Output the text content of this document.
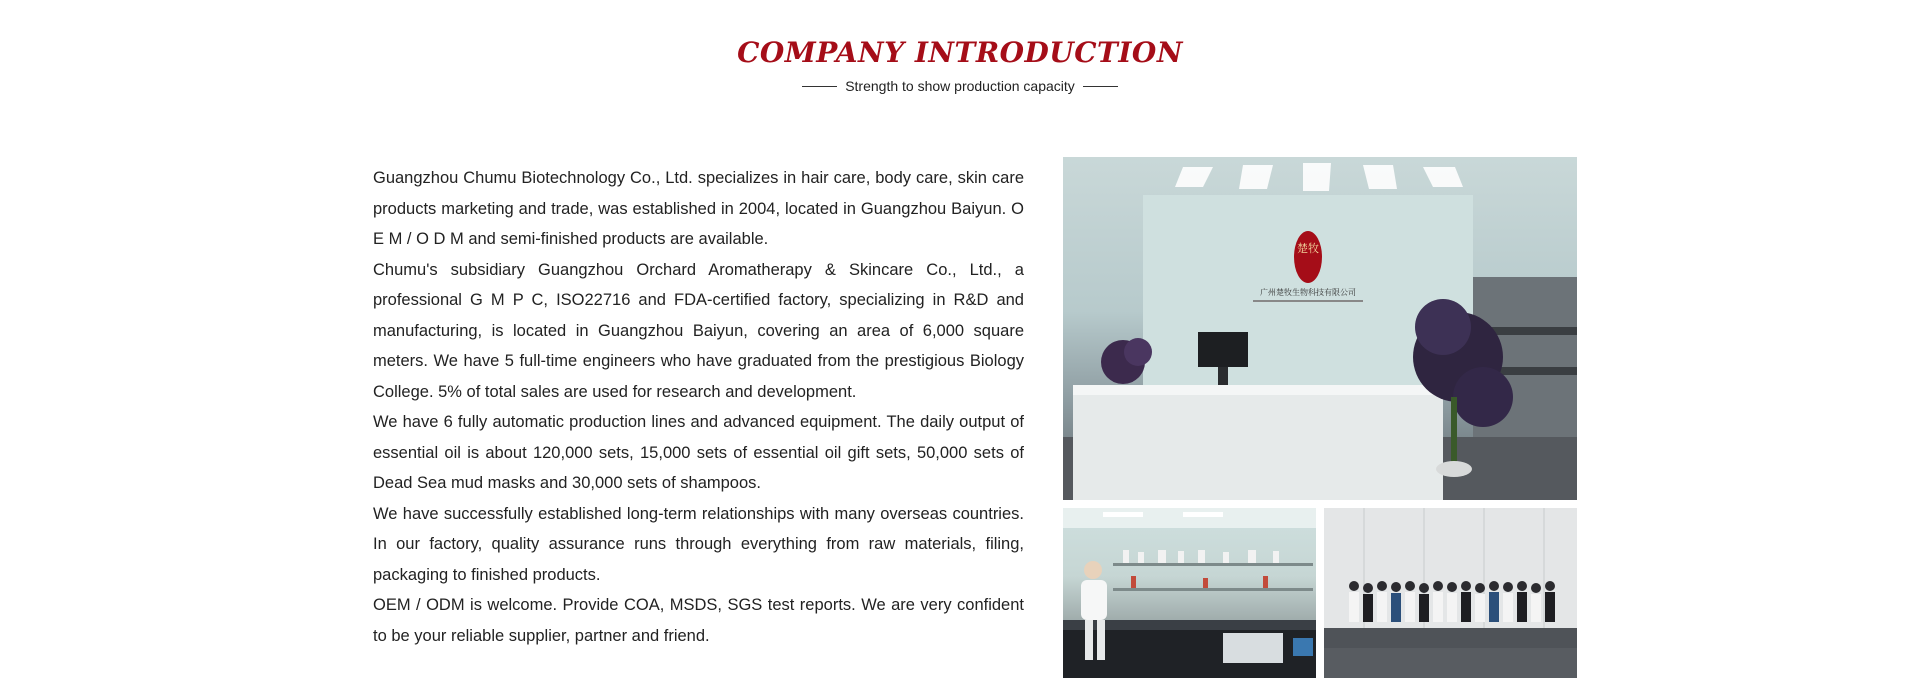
COMPANY INTRODUCTION
Strength to show production capacity

Guangzhou Chumu Biotechnology Co., Ltd. specializes in hair care, body care, skin care products marketing and trade, was established in 2004, located in Guangzhou Baiyun. O E M / O D M and semi-finished products are available.

Chumu's subsidiary Guangzhou Orchard Aromatherapy & Skincare Co., Ltd., a professional G M P C, ISO22716 and FDA-certified factory, specializing in R&D and manufacturing, is located in Guangzhou Baiyun, covering an area of 6,000 square meters. We have 5 full-time engineers who have graduated from the prestigious Biology College. 5% of total sales are used for research and development.

We have 6 fully automatic production lines and advanced equipment. The daily output of essential oil is about 120,000 sets, 15,000 sets of essential oil gift sets, 50,000 sets of Dead Sea mud masks and 30,000 sets of shampoos.

We have successfully established long-term relationships with many overseas countries. In our factory, quality assurance runs through everything from raw materials, filing, packaging to finished products.

OEM / ODM is welcome. Provide COA, MSDS, SGS test reports. We are very confident to be your reliable supplier, partner and friend.

楚牧
广州楚牧生物科技有限公司
